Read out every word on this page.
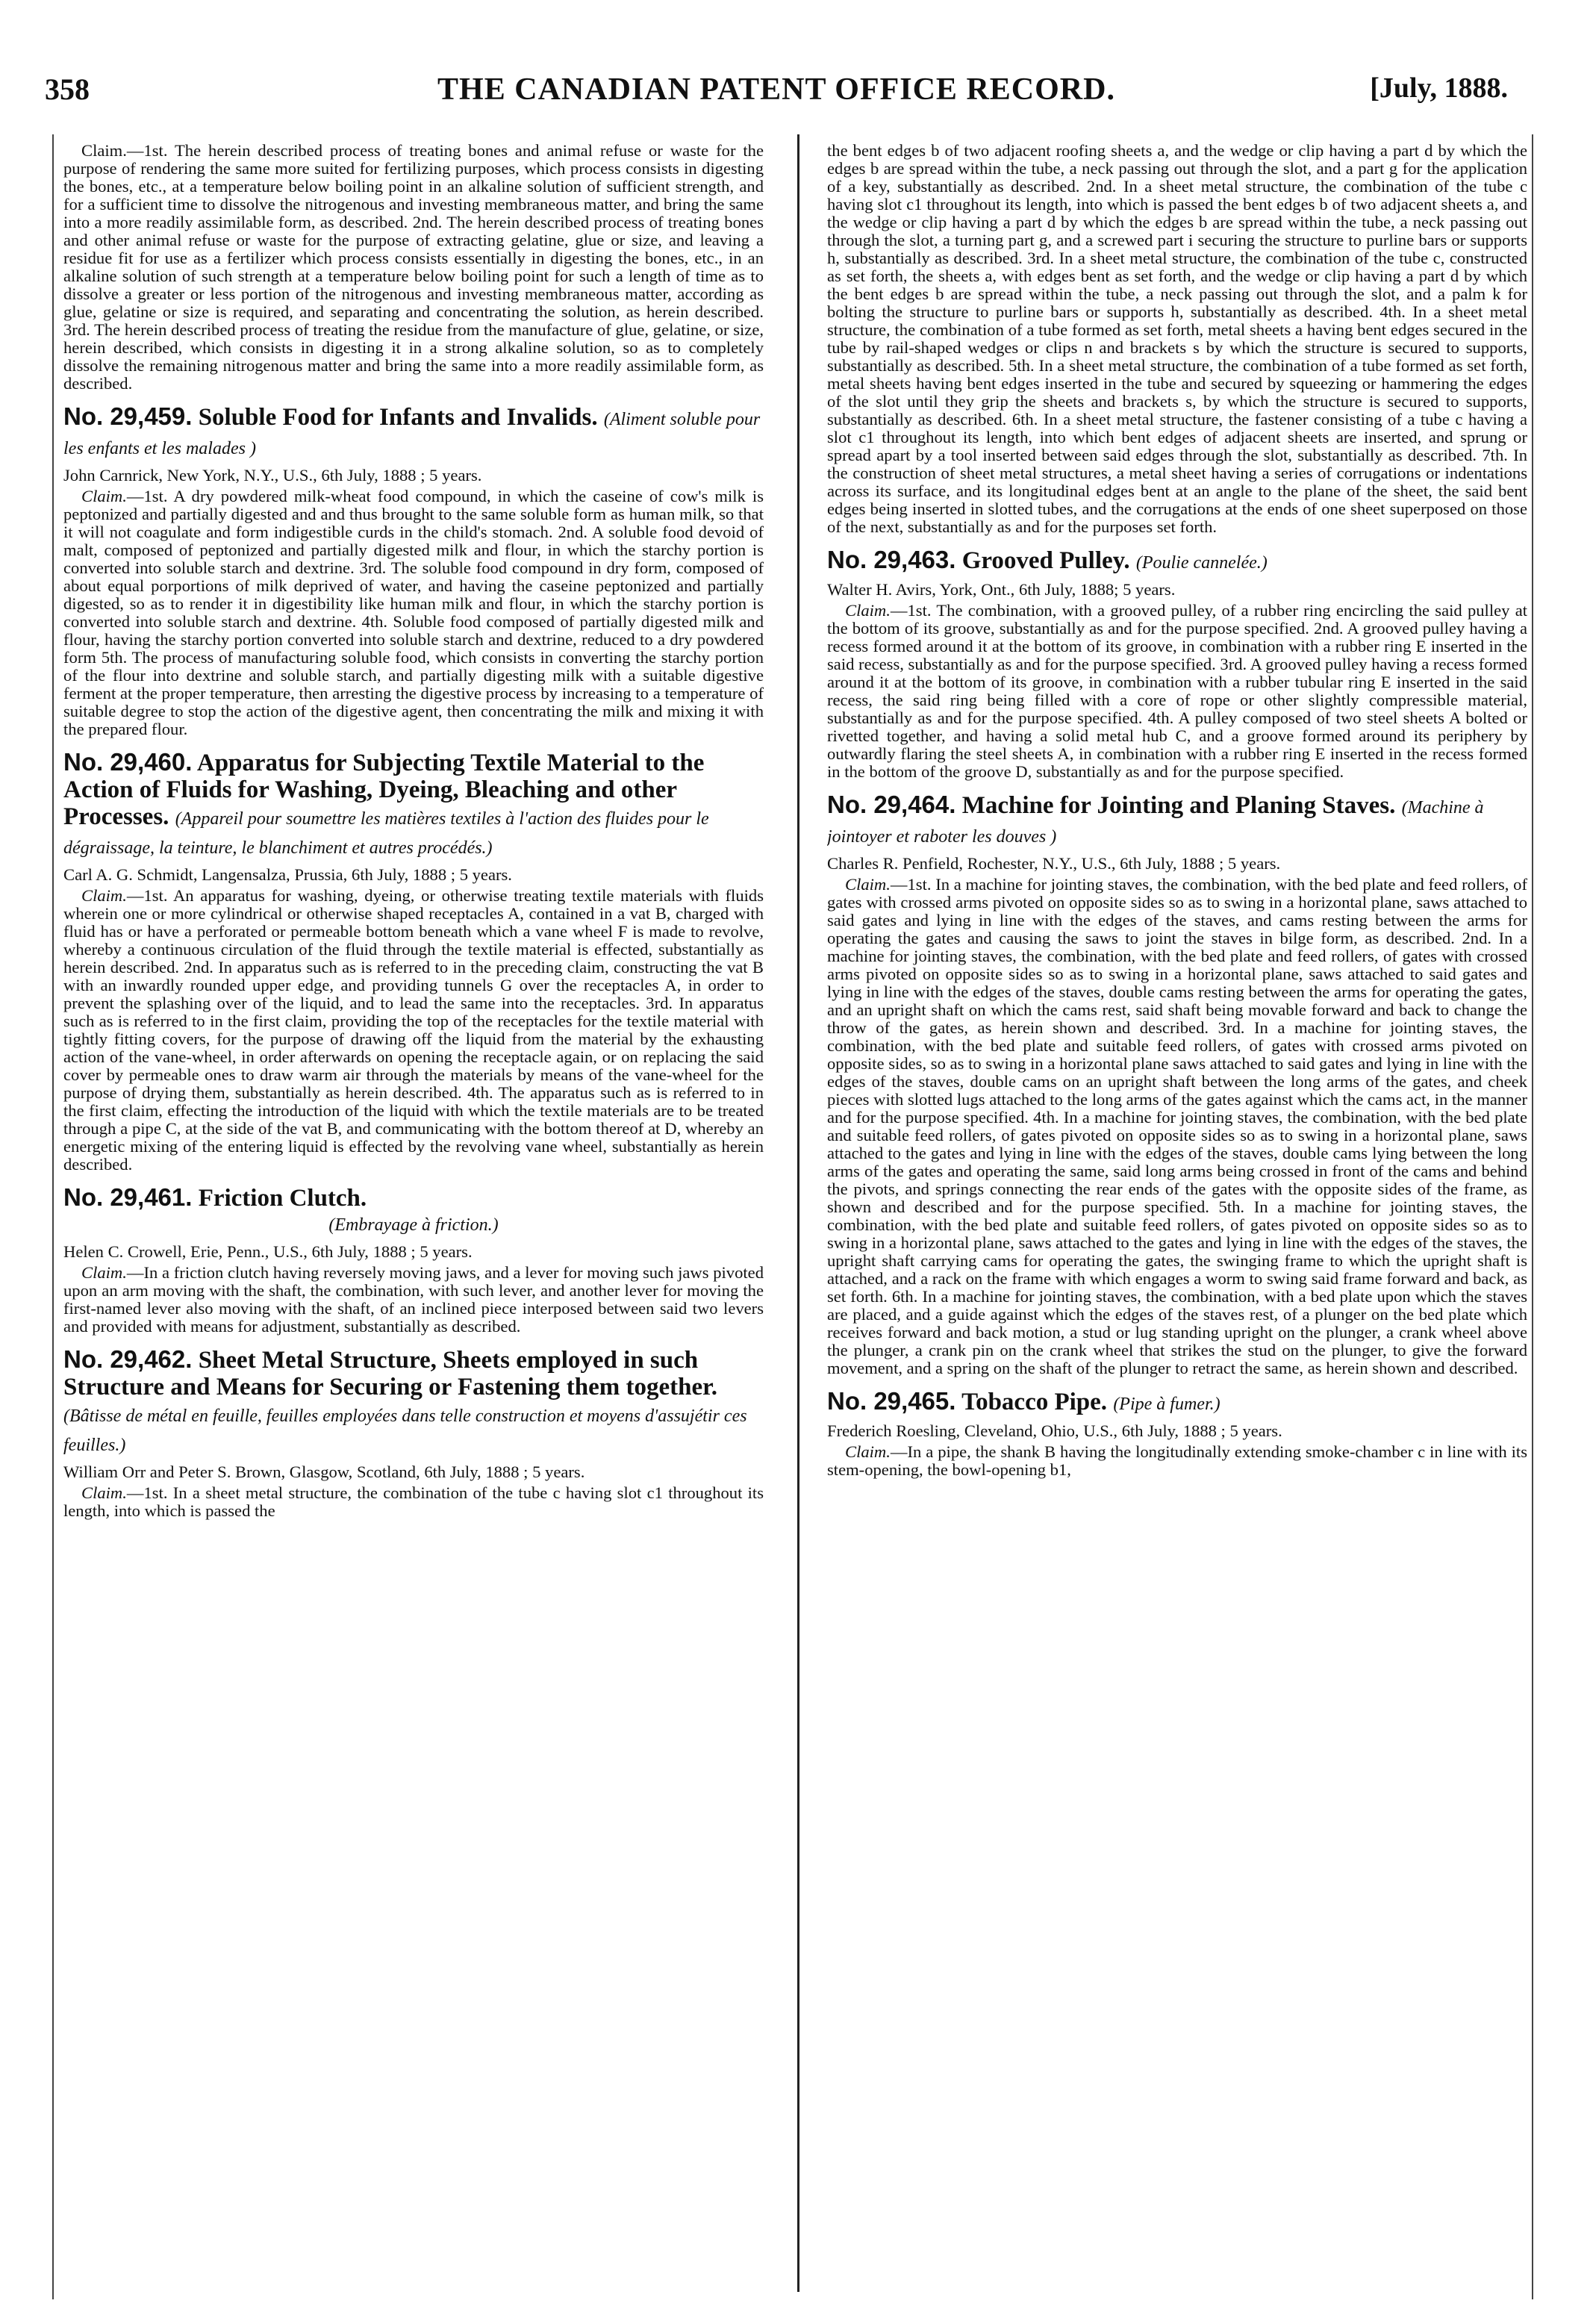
358	THE CANADIAN PATENT OFFICE RECORD.	[July, 1888.

Claim.—1st. The herein described process of treating bones and animal refuse or waste for the purpose of rendering the same more suited for fertilizing purposes, which process consists in digesting the bones, etc., at a temperature below boiling point in an alkaline solution of sufficient strength, and for a sufficient time to dissolve the nitrogenous and investing membraneous matter, and bring the same into a more readily assimilable form, as described. 2nd. The herein described process of treating bones and other animal refuse or waste for the purpose of extracting gelatine, glue or size, and leaving a residue fit for use as a fertilizer which process consists essentially in digesting the bones, etc., in an alkaline solution of such strength at a temperature below boiling point for such a length of time as to dissolve a greater or less portion of the nitrogenous and investing membraneous matter, according as glue, gelatine or size is required, and separating and concentrating the solution, as herein described. 3rd. The herein described process of treating the residue from the manufacture of glue, gelatine, or size, herein described, which consists in digesting it in a strong alkaline solution, so as to completely dissolve the remaining nitrogenous matter and bring the same into a more readily assimilable form, as described.

No. 29,459. Soluble Food for Infants and Invalids. (Aliment soluble pour les enfants et les malades )
John Carnrick, New York, N.Y., U.S., 6th July, 1888 ; 5 years.

Claim.—1st. A dry powdered milk-wheat food compound, in which the caseine of cow's milk is peptonized and partially digested and and thus brought to the same soluble form as human milk, so that it will not coagulate and form indigestible curds in the child's stomach. 2nd. A soluble food devoid of malt, composed of peptonized and partially digested milk and flour, in which the starchy portion is converted into soluble starch and dextrine. 3rd. The soluble food compound in dry form, composed of about equal porportions of milk deprived of water, and having the caseine peptonized and partially digested, so as to render it in digestibility like human milk and flour, in which the starchy portion is converted into soluble starch and dextrine. 4th. Soluble food composed of partially digested milk and flour, having the starchy portion converted into soluble starch and dextrine, reduced to a dry powdered form 5th. The process of manufacturing soluble food, which consists in converting the starchy portion of the flour into dextrine and soluble starch, and partially digesting milk with a suitable digestive ferment at the proper temperature, then arresting the digestive process by increasing to a temperature of suitable degree to stop the action of the digestive agent, then concentrating the milk and mixing it with the prepared flour.

No. 29,460. Apparatus for Subjecting Textile Material to the Action of Fluids for Washing, Dyeing, Bleaching and other Processes. (Appareil pour soumettre les matières textiles à l'action des fluides pour le dégraissage, la teinture, le blanchiment et autres procédés.)
Carl A. G. Schmidt, Langensalza, Prussia, 6th July, 1888 ; 5 years.

Claim.—1st. An apparatus for washing, dyeing, or otherwise treating textile materials with fluids wherein one or more cylindrical or otherwise shaped receptacles A, contained in a vat B, charged with fluid has or have a perforated or permeable bottom beneath which a vane wheel F is made to revolve, whereby a continuous circulation of the fluid through the textile material is effected, substantially as herein described. 2nd. In apparatus such as is referred to in the preceding claim, constructing the vat B with an inwardly rounded upper edge, and providing tunnels G over the receptacles A, in order to prevent the splashing over of the liquid, and to lead the same into the receptacles. 3rd. In apparatus such as is referred to in the first claim, providing the top of the receptacles for the textile material with tightly fitting covers, for the purpose of drawing off the liquid from the material by the exhausting action of the vane-wheel, in order afterwards on opening the receptacle again, or on replacing the said cover by permeable ones to draw warm air through the materials by means of the vane-wheel for the purpose of drying them, substantially as herein described. 4th. The apparatus such as is referred to in the first claim, effecting the introduction of the liquid with which the textile materials are to be treated through a pipe C, at the side of the vat B, and communicating with the bottom thereof at D, whereby an energetic mixing of the entering liquid is effected by the revolving vane wheel, substantially as herein described.

No. 29,461. Friction Clutch.
(Embrayage à friction.)
Helen C. Crowell, Erie, Penn., U.S., 6th July, 1888 ; 5 years.

Claim.—In a friction clutch having reversely moving jaws, and a lever for moving such jaws pivoted upon an arm moving with the shaft, the combination, with such lever, and another lever for moving the first-named lever also moving with the shaft, of an inclined piece interposed between said two levers and provided with means for adjustment, substantially as described.

No. 29,462. Sheet Metal Structure, Sheets employed in such Structure and Means for Securing or Fastening them together. (Bâtisse de métal en feuille, feuilles employées dans telle construction et moyens d'assujétir ces feuilles.)
William Orr and Peter S. Brown, Glasgow, Scotland, 6th July, 1888 ; 5 years.

Claim.—1st. In a sheet metal structure, the combination of the tube c having slot c1 throughout its length, into which is passed the

the bent edges b of two adjacent roofing sheets a, and the wedge or clip having a part d by which the edges b are spread within the tube, a neck passing out through the slot, and a part g for the application of a key, substantially as described. 2nd. In a sheet metal structure, the combination of the tube c having slot c1 throughout its length, into which is passed the bent edges b of two adjacent sheets a, and the wedge or clip having a part d by which the edges b are spread within the tube, a neck passing out through the slot, a turning part g, and a screwed part i securing the structure to purline bars or supports h, substantially as described. 3rd. In a sheet metal structure, the combination of the tube c, constructed as set forth, the sheets a, with edges bent as set forth, and the wedge or clip having a part d by which the bent edges b are spread within the tube, a neck passing out through the slot, and a palm k for bolting the structure to purline bars or supports h, substantially as described. 4th. In a sheet metal structure, the combination of a tube formed as set forth, metal sheets a having bent edges secured in the tube by rail-shaped wedges or clips n and brackets s by which the structure is secured to supports, substantially as described. 5th. In a sheet metal structure, the combination of a tube formed as set forth, metal sheets having bent edges inserted in the tube and secured by squeezing or hammering the edges of the slot until they grip the sheets and brackets s, by which the structure is secured to supports, substantially as described. 6th. In a sheet metal structure, the fastener consisting of a tube c having a slot c1 throughout its length, into which bent edges of adjacent sheets are inserted, and sprung or spread apart by a tool inserted between said edges through the slot, substantially as described. 7th. In the construction of sheet metal structures, a metal sheet having a series of corrugations or indentations across its surface, and its longitudinal edges bent at an angle to the plane of the sheet, the said bent edges being inserted in slotted tubes, and the corrugations at the ends of one sheet superposed on those of the next, substantially as and for the purposes set forth.

No. 29,463. Grooved Pulley. (Poulie cannelée.)
Walter H. Avirs, York, Ont., 6th July, 1888; 5 years.

Claim.—1st. The combination, with a grooved pulley, of a rubber ring encircling the said pulley at the bottom of its groove, substantially as and for the purpose specified. 2nd. A grooved pulley having a recess formed around it at the bottom of its groove, in combination with a rubber ring E inserted in the said recess, substantially as and for the purpose specified. 3rd. A grooved pulley having a recess formed around it at the bottom of its groove, in combination with a rubber tubular ring E inserted in the said recess, the said ring being filled with a core of rope or other slightly compressible material, substantially as and for the purpose specified. 4th. A pulley composed of two steel sheets A bolted or rivetted together, and having a solid metal hub C, and a groove formed around its periphery by outwardly flaring the steel sheets A, in combination with a rubber ring E inserted in the recess formed in the bottom of the groove D, substantially as and for the purpose specified.

No. 29,464. Machine for Jointing and Planing Staves. (Machine à jointoyer et raboter les douves )
Charles R. Penfield, Rochester, N.Y., U.S., 6th July, 1888 ; 5 years.

Claim.—1st. In a machine for jointing staves, the combination, with the bed plate and feed rollers, of gates with crossed arms pivoted on opposite sides so as to swing in a horizontal plane, saws attached to said gates and lying in line with the edges of the staves, and cams resting between the arms for operating the gates and causing the saws to joint the staves in bilge form, as described. 2nd. In a machine for jointing staves, the combination, with the bed plate and feed rollers, of gates with crossed arms pivoted on opposite sides so as to swing in a horizontal plane, saws attached to said gates and lying in line with the edges of the staves, double cams resting between the arms for operating the gates, and an upright shaft on which the cams rest, said shaft being movable forward and back to change the throw of the gates, as herein shown and described. 3rd. In a machine for jointing staves, the combination, with the bed plate and suitable feed rollers, of gates with crossed arms pivoted on opposite sides, so as to swing in a horizontal plane saws attached to said gates and lying in line with the edges of the staves, double cams on an upright shaft between the long arms of the gates, and cheek pieces with slotted lugs attached to the long arms of the gates against which the cams act, in the manner and for the purpose specified. 4th. In a machine for jointing staves, the combination, with the bed plate and suitable feed rollers, of gates pivoted on opposite sides so as to swing in a horizontal plane, saws attached to the gates and lying in line with the edges of the staves, double cams lying between the long arms of the gates and operating the same, said long arms being crossed in front of the cams and behind the pivots, and springs connecting the rear ends of the gates with the opposite sides of the frame, as shown and described and for the purpose specified. 5th. In a machine for jointing staves, the combination, with the bed plate and suitable feed rollers, of gates pivoted on opposite sides so as to swing in a horizontal plane, saws attached to the gates and lying in line with the edges of the staves, the upright shaft carrying cams for operating the gates, the swinging frame to which the upright shaft is attached, and a rack on the frame with which engages a worm to swing said frame forward and back, as set forth. 6th. In a machine for jointing staves, the combination, with a bed plate upon which the staves are placed, and a guide against which the edges of the staves rest, of a plunger on the bed plate which receives forward and back motion, a stud or lug standing upright on the plunger, a crank wheel above the plunger, a crank pin on the crank wheel that strikes the stud on the plunger, to give the forward movement, and a spring on the shaft of the plunger to retract the same, as herein shown and described.

No. 29,465. Tobacco Pipe. (Pipe à fumer.)
Frederich Roesling, Cleveland, Ohio, U.S., 6th July, 1888 ; 5 years.

Claim.—In a pipe, the shank B having the longitudinally extending smoke-chamber c in line with its stem-opening, the bowl-opening b1,
